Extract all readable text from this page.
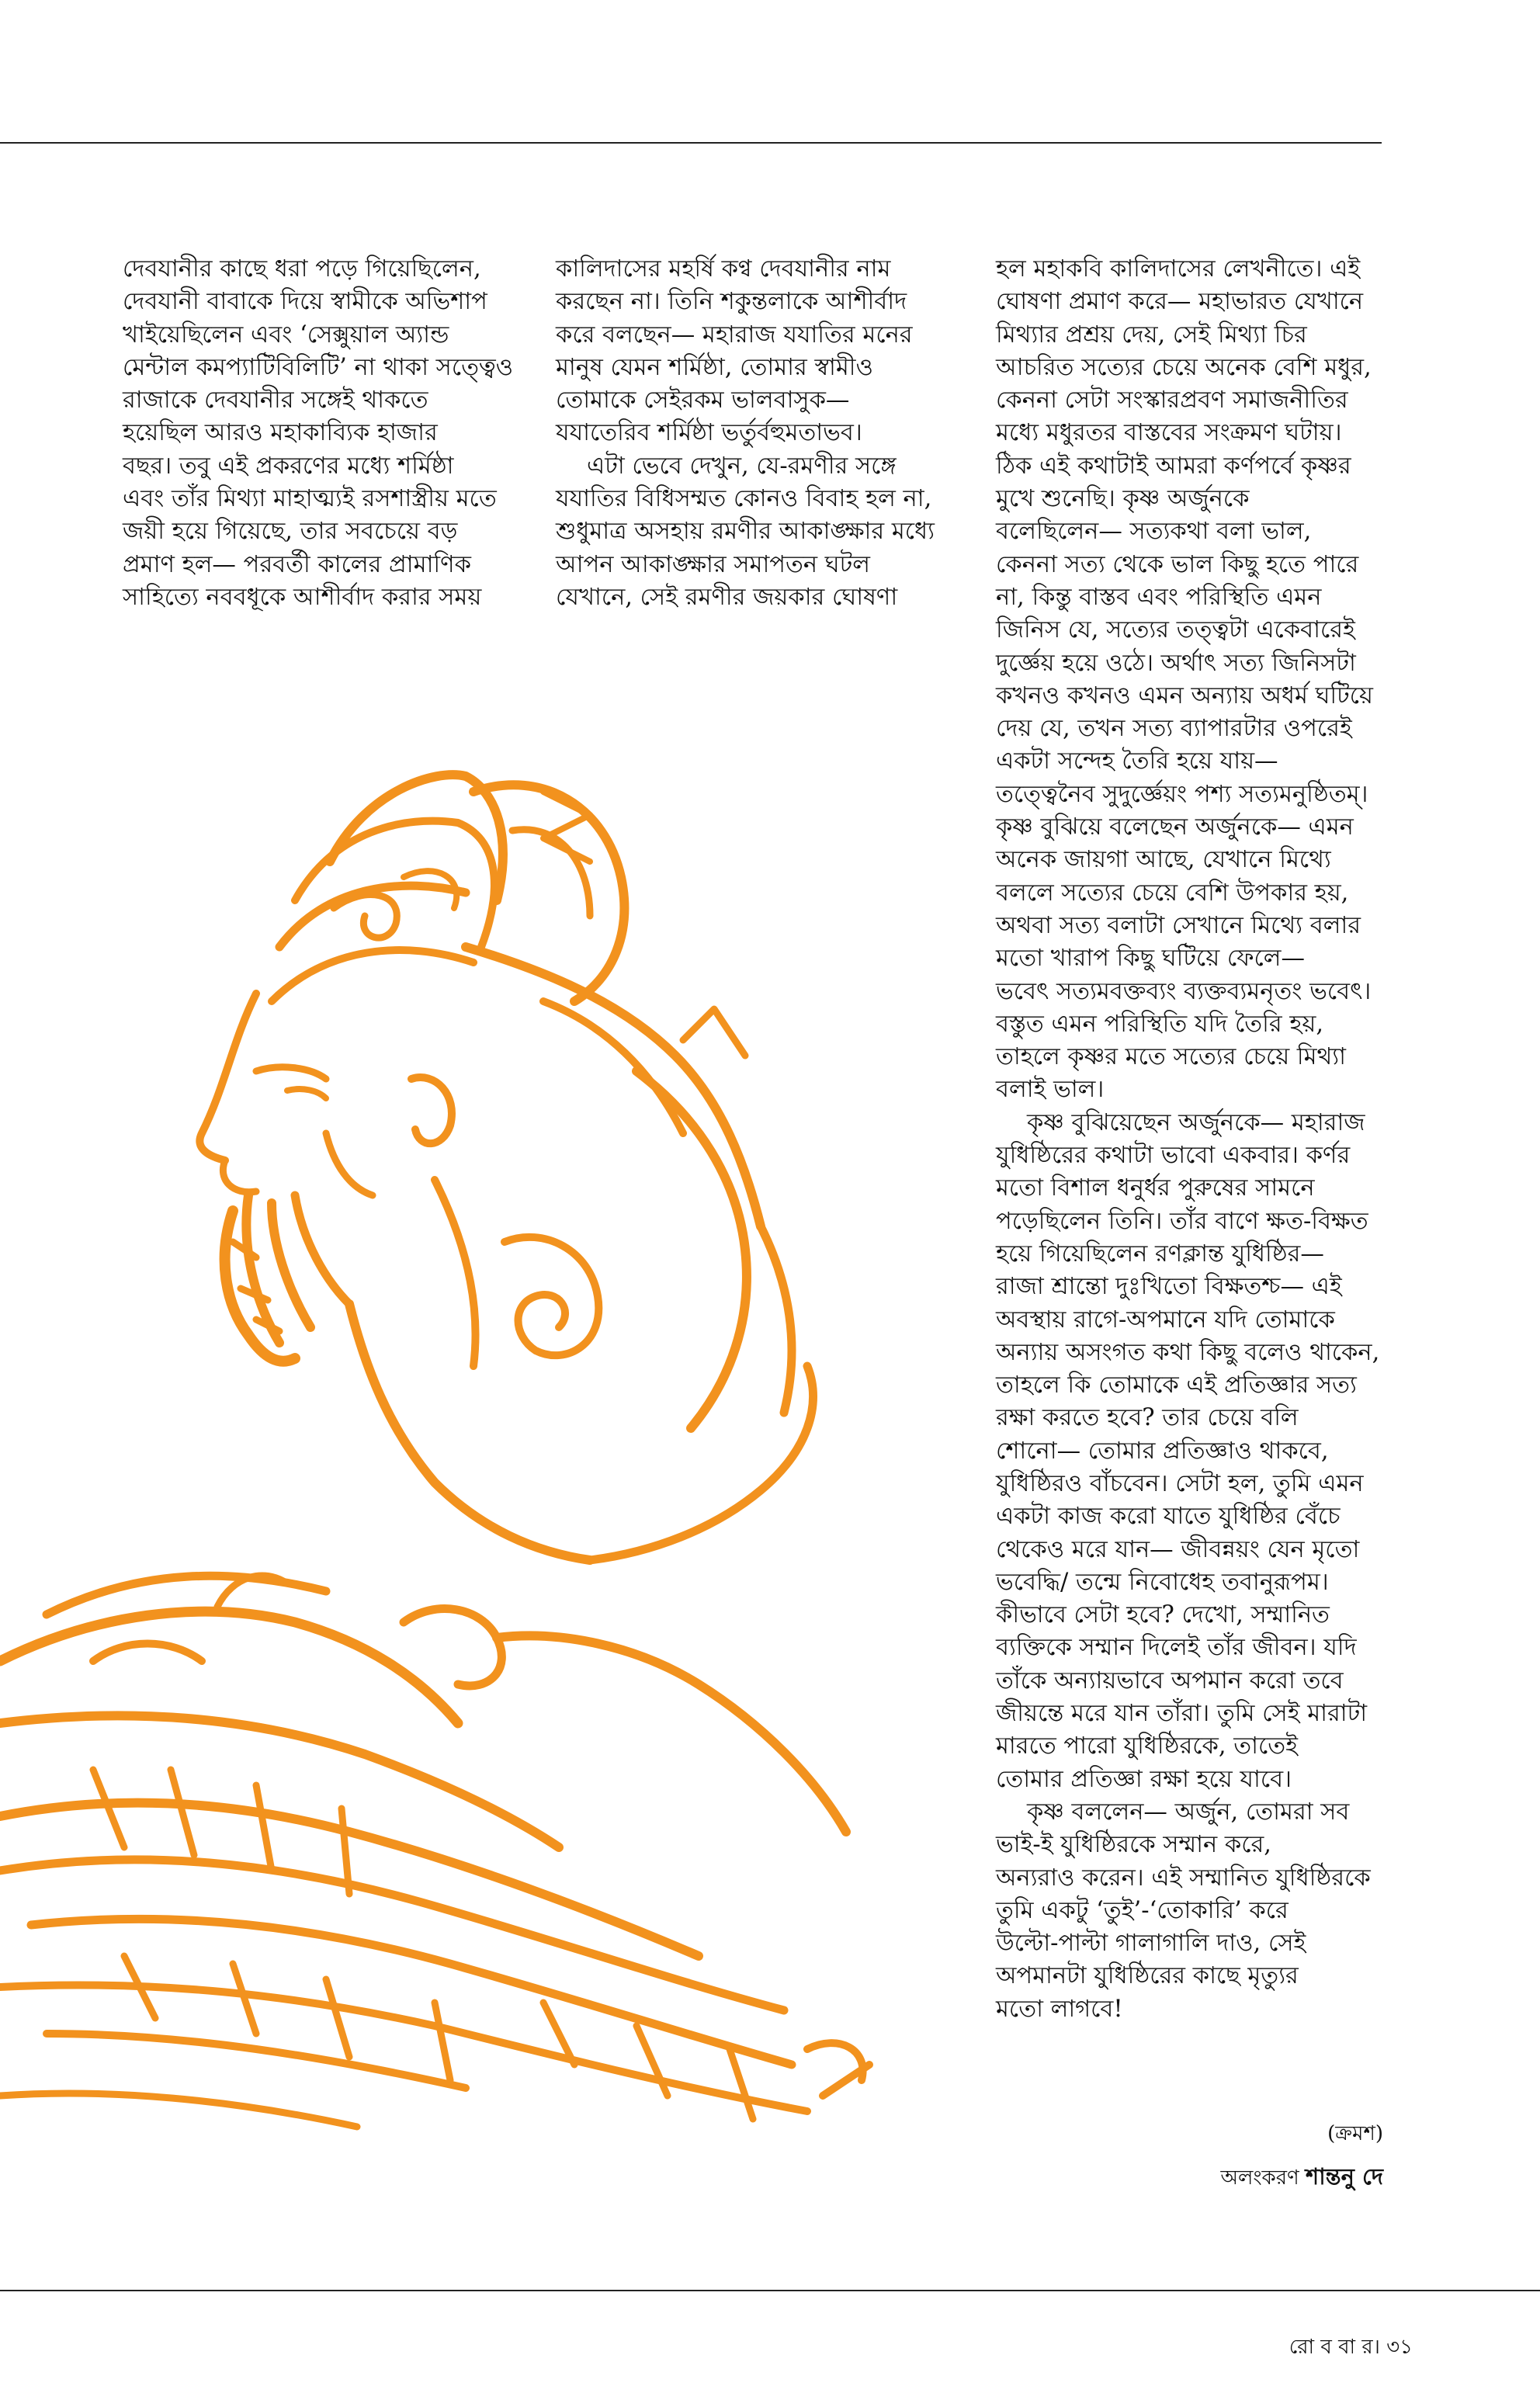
দেবযানীর কাছে ধরা পড়ে গিয়েছিলেন,
দেবযানী বাবাকে দিয়ে স্বামীকে অভিশাপ
খাইয়েছিলেন এবং ‘সেক্সুয়াল অ্যান্ড
মেন্টাল কমপ্যাটিবিলিটি’ না থাকা সত্ত্বেও
রাজাকে দেবযানীর সঙ্গেই থাকতে
হয়েছিল আরও মহাকাব্যিক হাজার
বছর। তবু এই প্রকরণের মধ্যে শর্মিষ্ঠা
এবং তাঁর মিথ্যা মাহাত্ম্যই রসশাস্ত্রীয় মতে
জয়ী হয়ে গিয়েছে, তার সবচেয়ে বড়
প্রমাণ হল— পরবর্তী কালের প্রামাণিক
সাহিত্যে নববধূকে আশীর্বাদ করার সময়
কালিদাসের মহর্ষি কণ্ব দেবযানীর নাম
করছেন না। তিনি শকুন্তলাকে আশীর্বাদ
করে বলছেন— মহারাজ যযাতির মনের
মানুষ যেমন শর্মিষ্ঠা, তোমার স্বামীও
তোমাকে সেইরকম ভালবাসুক—
যযাতেরিব শর্মিষ্ঠা ভর্তুর্বহুমতাভব।
এটা ভেবে দেখুন, যে-রমণীর সঙ্গে
যযাতির বিধিসম্মত কোনও বিবাহ হল না,
শুধুমাত্র অসহায় রমণীর আকাঙ্ক্ষার মধ্যে
আপন আকাঙ্ক্ষার সমাপতন ঘটল
যেখানে, সেই রমণীর জয়কার ঘোষণা
হল মহাকবি কালিদাসের লেখনীতে। এই
ঘোষণা প্রমাণ করে— মহাভারত যেখানে
মিথ্যার প্রশ্রয় দেয়, সেই মিথ্যা চির
আচরিত সত্যের চেয়ে অনেক বেশি মধুর,
কেননা সেটা সংস্কারপ্রবণ সমাজনীতির
মধ্যে মধুরতর বাস্তবের সংক্রমণ ঘটায়।
ঠিক এই কথাটাই আমরা কর্ণপর্বে কৃষ্ণর
মুখে শুনেছি। কৃষ্ণ অর্জুনকে
বলেছিলেন— সত্যকথা বলা ভাল,
কেননা সত্য থেকে ভাল কিছু হতে পারে
না, কিন্তু বাস্তব এবং পরিস্থিতি এমন
জিনিস যে, সত্যের তত্ত্বটা একেবারেই
দুর্জ্ঞেয় হয়ে ওঠে। অর্থাৎ সত্য জিনিসটা
কখনও কখনও এমন অন্যায় অধর্ম ঘটিয়ে
দেয় যে, তখন সত্য ব্যাপারটার ওপরেই
একটা সন্দেহ তৈরি হয়ে যায়—
তত্ত্বেনৈব সুদুর্জ্ঞেয়ং পশ্য সত্যমনুষ্ঠিতম্।
কৃষ্ণ বুঝিয়ে বলেছেন অর্জুনকে— এমন
অনেক জায়গা আছে, যেখানে মিথ্যে
বললে সত্যের চেয়ে বেশি উপকার হয়,
অথবা সত্য বলাটা সেখানে মিথ্যে বলার
মতো খারাপ কিছু ঘটিয়ে ফেলে—
ভবেৎ সত্যমবক্তব্যং ব্যক্তব্যমনৃতং ভবেৎ।
বস্তুত এমন পরিস্থিতি যদি তৈরি হয়,
তাহলে কৃষ্ণর মতে সত্যের চেয়ে মিথ্যা
বলাই ভাল।
কৃষ্ণ বুঝিয়েছেন অর্জুনকে— মহারাজ
যুধিষ্ঠিরের কথাটা ভাবো একবার। কর্ণর
মতো বিশাল ধনুর্ধর পুরুষের সামনে
পড়েছিলেন তিনি। তাঁর বাণে ক্ষত-বিক্ষত
হয়ে গিয়েছিলেন রণক্লান্ত যুধিষ্ঠির—
রাজা শ্রান্তো দুঃখিতো বিক্ষতশ্চ— এই
অবস্থায় রাগে-অপমানে যদি তোমাকে
অন্যায় অসংগত কথা কিছু বলেও থাকেন,
তাহলে কি তোমাকে এই প্রতিজ্ঞার সত্য
রক্ষা করতে হবে? তার চেয়ে বলি
শোনো— তোমার প্রতিজ্ঞাও থাকবে,
যুধিষ্ঠিরও বাঁচবেন। সেটা হল, তুমি এমন
একটা কাজ করো যাতে যুধিষ্ঠির বেঁচে
থেকেও মরে যান— জীবন্নয়ং যেন মৃতো
ভবেদ্ধি/ তন্মে নিবোধেহ তবানুরূপম।
কীভাবে সেটা হবে? দেখো, সম্মানিত
ব্যক্তিকে সম্মান দিলেই তাঁর জীবন। যদি
তাঁকে অন্যায়ভাবে অপমান করো তবে
জীয়ন্তে মরে যান তাঁরা। তুমি সেই মারাটা
মারতে পারো যুধিষ্ঠিরকে, তাতেই
তোমার প্রতিজ্ঞা রক্ষা হয়ে যাবে।
কৃষ্ণ বললেন— অর্জুন, তোমরা সব
ভাই-ই যুধিষ্ঠিরকে সম্মান করে,
অন্যরাও করেন। এই সম্মানিত যুধিষ্ঠিরকে
তুমি একটু ‘তুই’-‘তোকারি’ করে
উল্টো-পাল্টা গালাগালি দাও, সেই
অপমানটা যুধিষ্ঠিরের কাছে মৃত্যুর
মতো লাগবে!
(ক্রমশ)
অলংকরণ শান্তনু দে
রো ব বা র। ৩১
